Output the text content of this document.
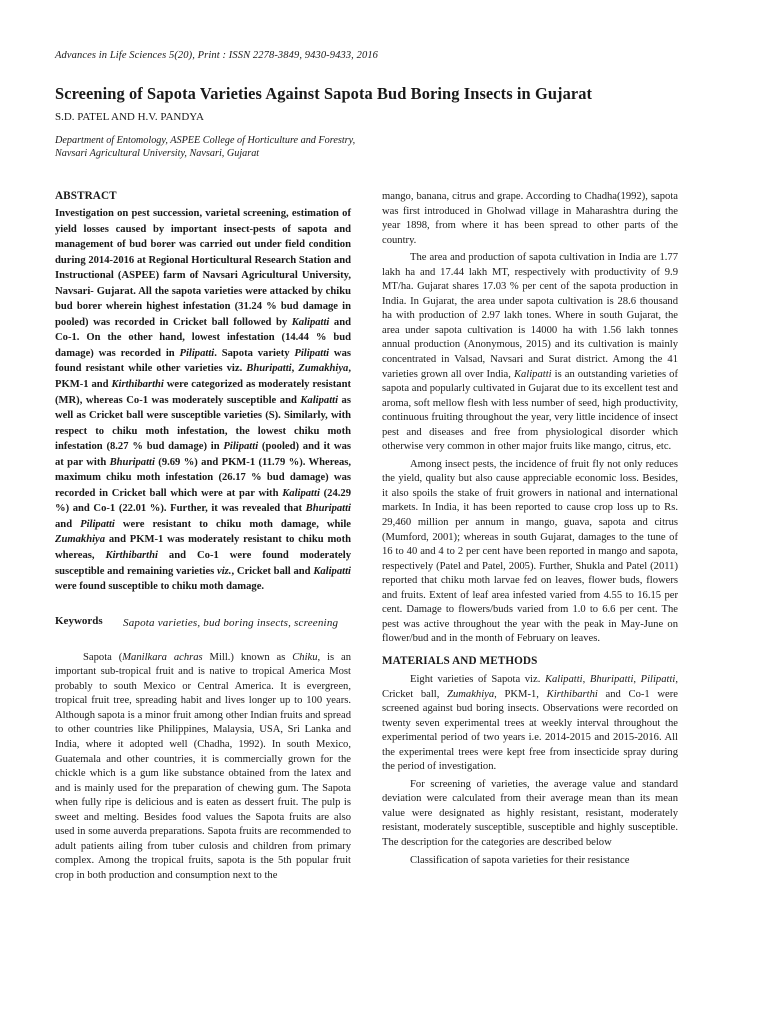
Advances in Life Sciences 5(20), Print : ISSN 2278-3849, 9430-9433, 2016
Screening of Sapota Varieties Against Sapota Bud Boring Insects in Gujarat
S.D. PATEL AND H.V. PANDYA
Department of Entomology, ASPEE College of Horticulture and Forestry,
Navsari Agricultural University, Navsari, Gujarat
ABSTRACT

Investigation on pest succession, varietal screening, estimation of yield losses caused by important insect-pests of sapota and management of bud borer was carried out under field condition during 2014-2016 at Regional Horticultural Research Station and Instructional (ASPEE) farm of Navsari Agricultural University, Navsari- Gujarat. All the sapota varieties were attacked by chiku bud borer wherein highest infestation (31.24 % bud damage in pooled) was recorded in Cricket ball followed by Kalipatti and Co-1. On the other hand, lowest infestation (14.44 % bud damage) was recorded in Pilipatti. Sapota variety Pilipatti was found resistant while other varieties viz. Bhuripatti, Zumakhiya, PKM-1 and Kirthibarthi were categorized as moderately resistant (MR), whereas Co-1 was moderately susceptible and Kalipatti as well as Cricket ball were susceptible varieties (S). Similarly, with respect to chiku moth infestation, the lowest chiku moth infestation (8.27 % bud damage) in Pilipatti (pooled) and it was at par with Bhuripatti (9.69 %) and PKM-1 (11.79 %). Whereas, maximum chiku moth infestation (26.17 % bud damage) was recorded in Cricket ball which were at par with Kalipatti (24.29 %) and Co-1 (22.01 %). Further, it was revealed that Bhuripatti and Pilipatti were resistant to chiku moth damage, while Zumakhiya and PKM-1 was moderately resistant to chiku moth whereas, Kirthibarthi and Co-1 were found moderately susceptible and remaining varieties viz., Cricket ball and Kalipatti were found susceptible to chiku moth damage.

Keywords	Sapota varieties, bud boring insects, screening

Sapota (Manilkara achras Mill.) known as Chiku, is an important sub-tropical fruit and is native to tropical America Most probably to south Mexico or Central America. It is evergreen, tropical fruit tree, spreading habit and lives longer up to 100 years. Although sapota is a minor fruit among other Indian fruits and spread to other countries like Philippines, Malaysia, USA, Sri Lanka and India, where it adopted well (Chadha, 1992). In south Mexico, Guatemala and other countries, it is commercially grown for the chickle which is a gum like substance obtained from the latex and and is mainly used for the preparation of chewing gum. The Sapota when fully ripe is delicious and is eaten as dessert fruit. The pulp is sweet and melting. Besides food values the Sapota fruits are also used in some auverda preparations. Sapota fruits are recommended to adult patients ailing from tuber culosis and children from primary complex. Among the tropical fruits, sapota is the 5th popular fruit crop in both production and consumption next to the

mango, banana, citrus and grape. According to Chadha(1992), sapota was first introduced in Gholwad village in Maharashtra during the year 1898, from where it has been spread to other parts of the country.

The area and production of sapota cultivation in India are 1.77 lakh ha and 17.44 lakh MT, respectively with productivity of 9.9 MT/ha. Gujarat shares 17.03 % per cent of the sapota production in India. In Gujarat, the area under sapota cultivation is 28.6 thousand ha with production of 2.97 lakh tones. Where in south Gujarat, the area under sapota cultivation is 14000 ha with 1.56 lakh tonnes annual production (Anonymous, 2015) and its cultivation is mainly concentrated in Valsad, Navsari and Surat district. Among the 41 varieties grown all over India, Kalipatti is an outstanding varieties of sapota and popularly cultivated in Gujarat due to its excellent test and aroma, soft mellow flesh with less number of seed, high productivity, continuous fruiting throughout the year, very little incidence of insect pest and diseases and free from physiological disorder which otherwise very common in other major fruits like mango, citrus, etc.

Among insect pests, the incidence of fruit fly not only reduces the yield, quality but also cause appreciable economic loss. Besides, it also spoils the stake of fruit growers in national and international markets. In India, it has been reported to cause crop loss up to Rs. 29,460 million per annum in mango, guava, sapota and citrus (Mumford, 2001); whereas in south Gujarat, damages to the tune of 16 to 40 and 4 to 2 per cent have been reported in mango and sapota, respectively (Patel and Patel, 2005). Further, Shukla and Patel (2011) reported that chiku moth larvae fed on leaves, flower buds, flowers and fruits. Extent of leaf area infested varied from 4.55 to 16.15 per cent. Damage to flowers/buds varied from 1.0 to 6.6 per cent. The pest was active throughout the year with the peak in May-June on flower/bud and in the month of February on leaves.

MATERIALS AND METHODS

Eight varieties of Sapota viz. Kalipatti, Bhuripatti, Pilipatti, Cricket ball, Zumakhiya, PKM-1, Kirthibarthi and Co-1 were screened against bud boring insects. Observations were recorded on twenty seven experimental trees at weekly interval throughout the experimental period of two years i.e. 2014-2015 and 2015-2016. All the experimental trees were kept free from insecticide spray during the period of investigation.

For screening of varieties, the average value and standard deviation were calculated from their average mean than its mean value were designated as highly resistant, resistant, moderately resistant, moderately susceptible, susceptible and highly susceptible. The description for the categories are described below

Classification of sapota varieties for their resistance
